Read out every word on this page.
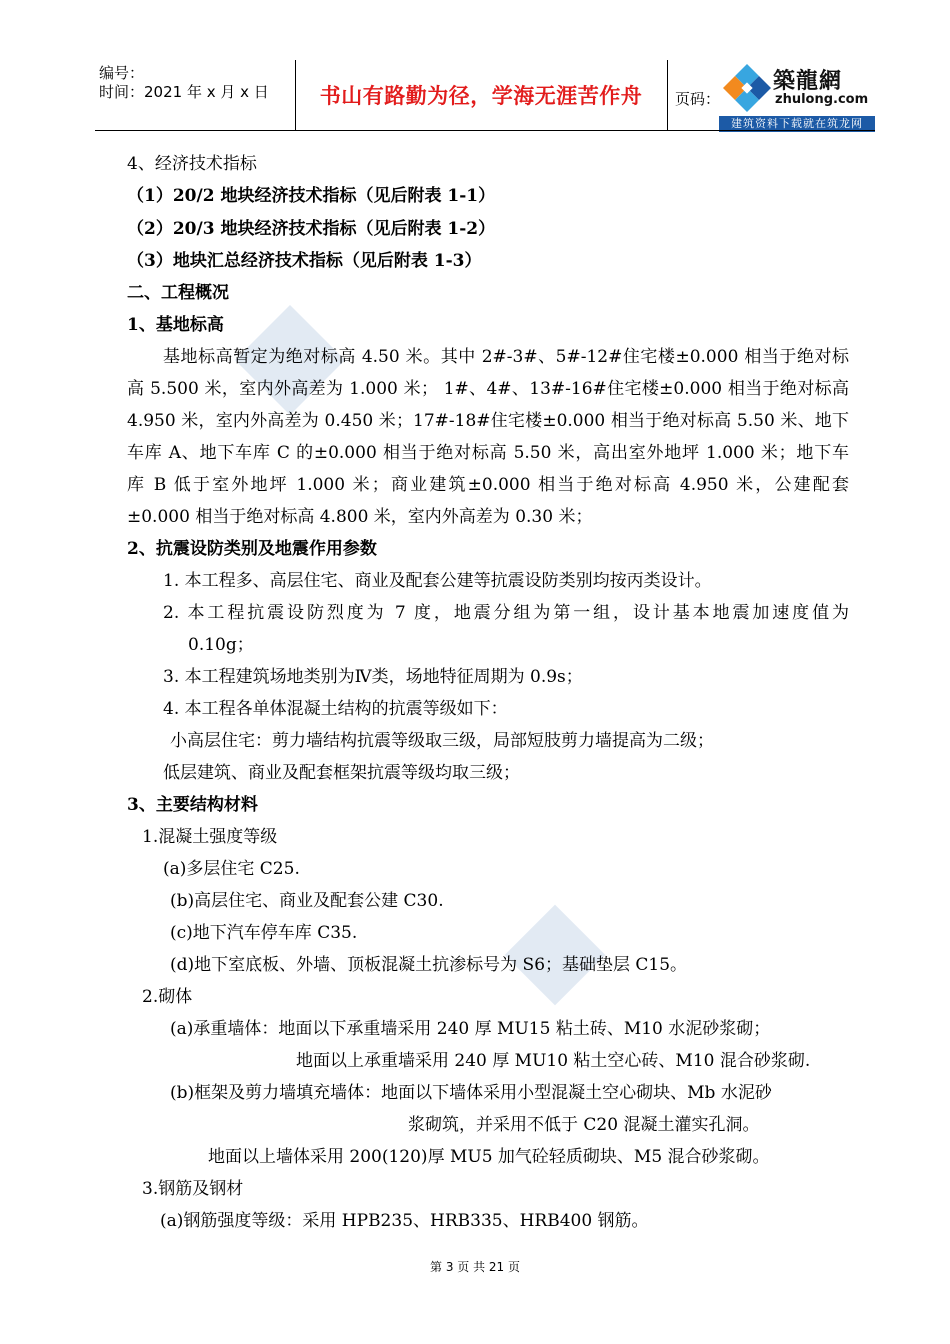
编号：
时间：2021 年 x 月 x 日	书山有路勤为径，学海无涯苦作舟	页码：
築龍網
zhulong.com
建筑资料下载就在筑龙网
4、经济技术指标
（1）20/2 地块经济技术指标（见后附表 1-1）
（2）20/3 地块经济技术指标（见后附表 1-2）
（3）地块汇总经济技术指标（见后附表 1-3）
二、工程概况
1、基地标高
基地标高暂定为绝对标高 4.50 米。其中 2#-3#、5#-12#住宅楼±0.000 相当于绝对标
高 5.500 米，室内外高差为 1.000 米； 1#、4#、13#-16#住宅楼±0.000 相当于绝对标高
4.950 米，室内外高差为 0.450 米；17#-18#住宅楼±0.000 相当于绝对标高 5.50 米、地下
车库 A、地下车库 C 的±0.000 相当于绝对标高 5.50 米，高出室外地坪 1.000 米；地下车
库 B 低于室外地坪 1.000 米；商业建筑±0.000 相当于绝对标高 4.950 米，公建配套
±0.000 相当于绝对标高 4.800 米，室内外高差为 0.30 米；
2、抗震设防类别及地震作用参数
1. 本工程多、高层住宅、商业及配套公建等抗震设防类别均按丙类设计。
2. 本工程抗震设防烈度为 7 度，地震分组为第一组，设计基本地震加速度值为
0.10g；
3. 本工程建筑场地类别为Ⅳ类，场地特征周期为 0.9s；
4. 本工程各单体混凝土结构的抗震等级如下：
小高层住宅：剪力墙结构抗震等级取三级，局部短肢剪力墙提高为二级；
低层建筑、商业及配套框架抗震等级均取三级；
3、主要结构材料
1.混凝土强度等级
(a)多层住宅 C25.
(b)高层住宅、商业及配套公建 C30.
(c)地下汽车停车库 C35.
(d)地下室底板、外墙、顶板混凝土抗渗标号为 S6；基础垫层 C15。
2.砌体
(a)承重墙体：地面以下承重墙采用 240 厚 MU15 粘土砖、M10 水泥砂浆砌；
地面以上承重墙采用 240 厚 MU10 粘土空心砖、M10 混合砂浆砌.
(b)框架及剪力墙填充墙体：地面以下墙体采用小型混凝土空心砌块、Mb 水泥砂
浆砌筑，并采用不低于 C20 混凝土灌实孔洞。
地面以上墙体采用 200(120)厚 MU5 加气砼轻质砌块、M5 混合砂浆砌。
3.钢筋及钢材
(a)钢筋强度等级：采用 HPB235、HRB335、HRB400 钢筋。
第 3 页 共 21 页
